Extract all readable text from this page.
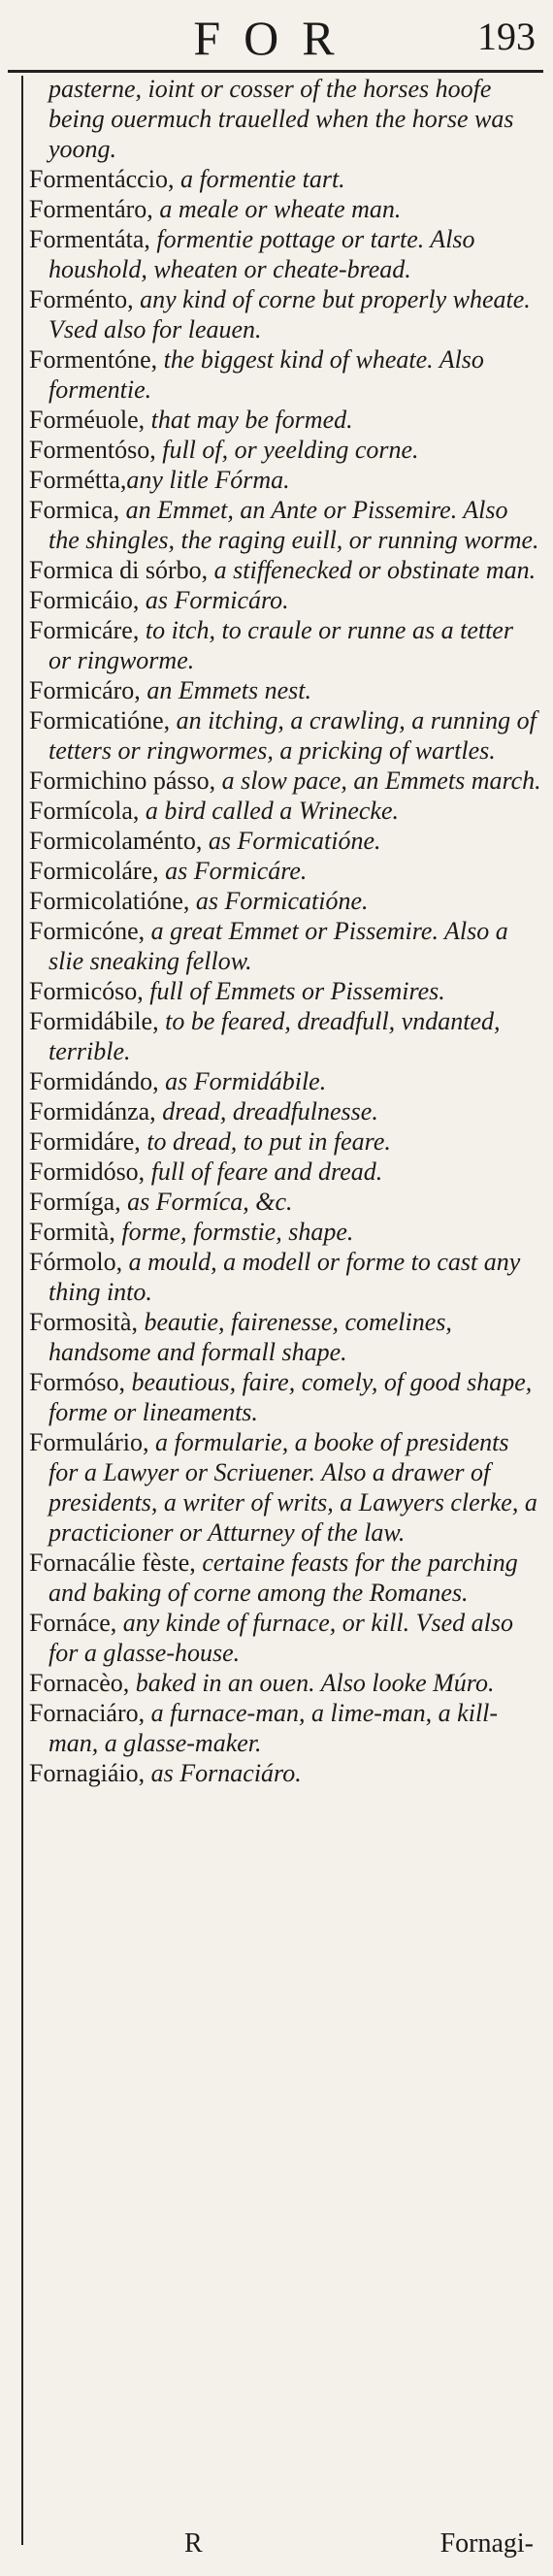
FOR	193

pasterne, ioint or cosser of the horses hoofe being ouermuch trauelled when the horse was yoong.

Formentáccio, a formentie tart.

Formentáro, a meale or wheate man.

Formentáta, formentie pottage or tarte. Also houshold, wheaten or cheate-bread.

Forménto, any kind of corne but properly wheate. Vsed also for leauen.

Formentóne, the biggest kind of wheate. Also formentie.

Forméuole, that may be formed.

Formentóso, full of, or yeelding corne.

Formétta,any litle Fórma.

Formica, an Emmet, an Ante or Pissemire. Also the shingles, the raging euill, or running worme.

Formica di sórbo, a stiffenecked or obstinate man.

Formicáio, as Formicáro.

Formicáre, to itch, to craule or runne as a tetter or ringworme.

Formicáro, an Emmets nest.

Formicatióne, an itching, a crawling, a running of tetters or ringwormes, a pricking of wartles.

Formichino pásso, a slow pace, an Emmets march.

Formícola, a bird called a Wrinecke.

Formicolaménto, as Formicatióne.

Formicoláre, as Formicáre.

Formicolatióne, as Formicatióne.

Formicóne, a great Emmet or Pissemire. Also a slie sneaking fellow.

Formicóso, full of Emmets or Pissemires.

Formidábile, to be feared, dreadfull, vndanted, terrible.

Formidándo, as Formidábile.

Formidánza, dread, dreadfulnesse.

Formidáre, to dread, to put in feare.

Formidóso, full of feare and dread.

Formíga, as Formíca, &c.

Formità, forme, formstie, shape.

Fórmolo, a mould, a modell or forme to cast any thing into.

Formosità, beautie, fairenesse, comelines, handsome and formall shape.

Formóso, beautious, faire, comely, of good shape, forme or lineaments.

Formulário, a formularie, a booke of presidents for a Lawyer or Scriuener. Also a drawer of presidents, a writer of writs, a Lawyers clerke, a practicioner or Atturney of the law.

Fornacálie fèste, certaine feasts for the parching and baking of corne among the Romanes.

Fornáce, any kinde of furnace, or kill. Vsed also for a glasse-house.

Fornacèo, baked in an ouen. Also looke Múro.

Fornaciáro, a furnace-man, a lime-man, a kill-man, a glasse-maker.

Fornagiáio, as Fornaciáro.

R	Fornagi-
